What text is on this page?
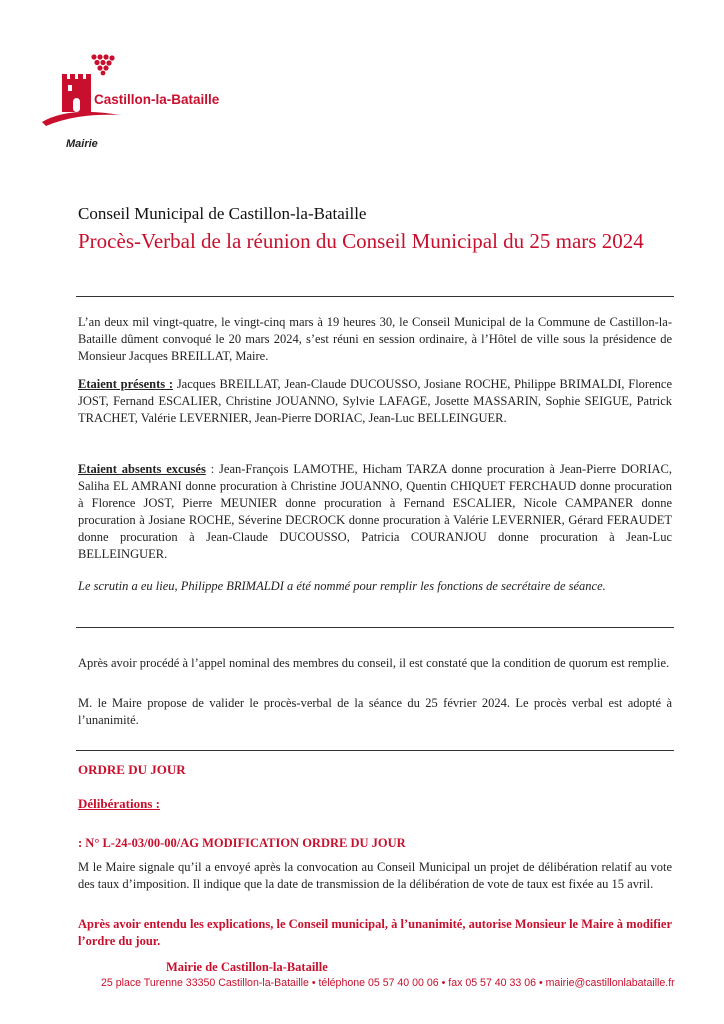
Castillon-la-Bataille
Mairie
Conseil Municipal de Castillon-la-Bataille
Procès-Verbal de la réunion du Conseil Municipal du 25 mars 2024
L’an deux mil vingt-quatre, le vingt-cinq mars à 19 heures 30, le Conseil Municipal de la Commune de Castillon-la-Bataille dûment convoqué le 20 mars 2024, s’est réuni en session ordinaire, à l’Hôtel de ville sous la présidence de Monsieur Jacques BREILLAT, Maire.
Etaient présents : Jacques BREILLAT, Jean-Claude DUCOUSSO, Josiane ROCHE, Philippe BRIMALDI, Florence JOST, Fernand ESCALIER, Christine JOUANNO, Sylvie LAFAGE, Josette MASSARIN, Sophie SEIGUE, Patrick TRACHET, Valérie LEVERNIER, Jean-Pierre DORIAC, Jean-Luc BELLEINGUER.
Etaient absents excusés : Jean-François LAMOTHE, Hicham TARZA donne procuration à Jean-Pierre DORIAC, Saliha EL AMRANI donne procuration à Christine JOUANNO, Quentin CHIQUET FERCHAUD donne procuration à Florence JOST, Pierre MEUNIER donne procuration à Fernand ESCALIER, Nicole CAMPANER donne procuration à Josiane ROCHE, Séverine DECROCK donne procuration à Valérie LEVERNIER, Gérard FERAUDET donne procuration à Jean-Claude DUCOUSSO, Patricia COURANJOU donne procuration à Jean-Luc BELLEINGUER.
Le scrutin a eu lieu, Philippe BRIMALDI a été nommé pour remplir les fonctions de secrétaire de séance.
Après avoir procédé à l’appel nominal des membres du conseil, il est constaté que la condition de quorum est remplie.
M. le Maire propose de valider le procès-verbal de la séance du 25 février 2024. Le procès verbal est adopté à l’unanimité.
ORDRE DU JOUR
Délibérations :
: N° L-24-03/00-00/AG MODIFICATION ORDRE DU JOUR
M le Maire signale qu’il a envoyé après la convocation au Conseil Municipal un projet de délibération relatif au vote des taux d’imposition. Il indique que la date de transmission de la délibération de vote de taux est fixée au 15 avril.
Après avoir entendu les explications, le Conseil municipal, à l’unanimité, autorise Monsieur le Maire à modifier l’ordre du jour.
Mairie de Castillon-la-Bataille
25 place Turenne 33350 Castillon-la-Bataille • téléphone 05 57 40 00 06 • fax 05 57 40 33 06 • mairie@castillonlabataille.fr
